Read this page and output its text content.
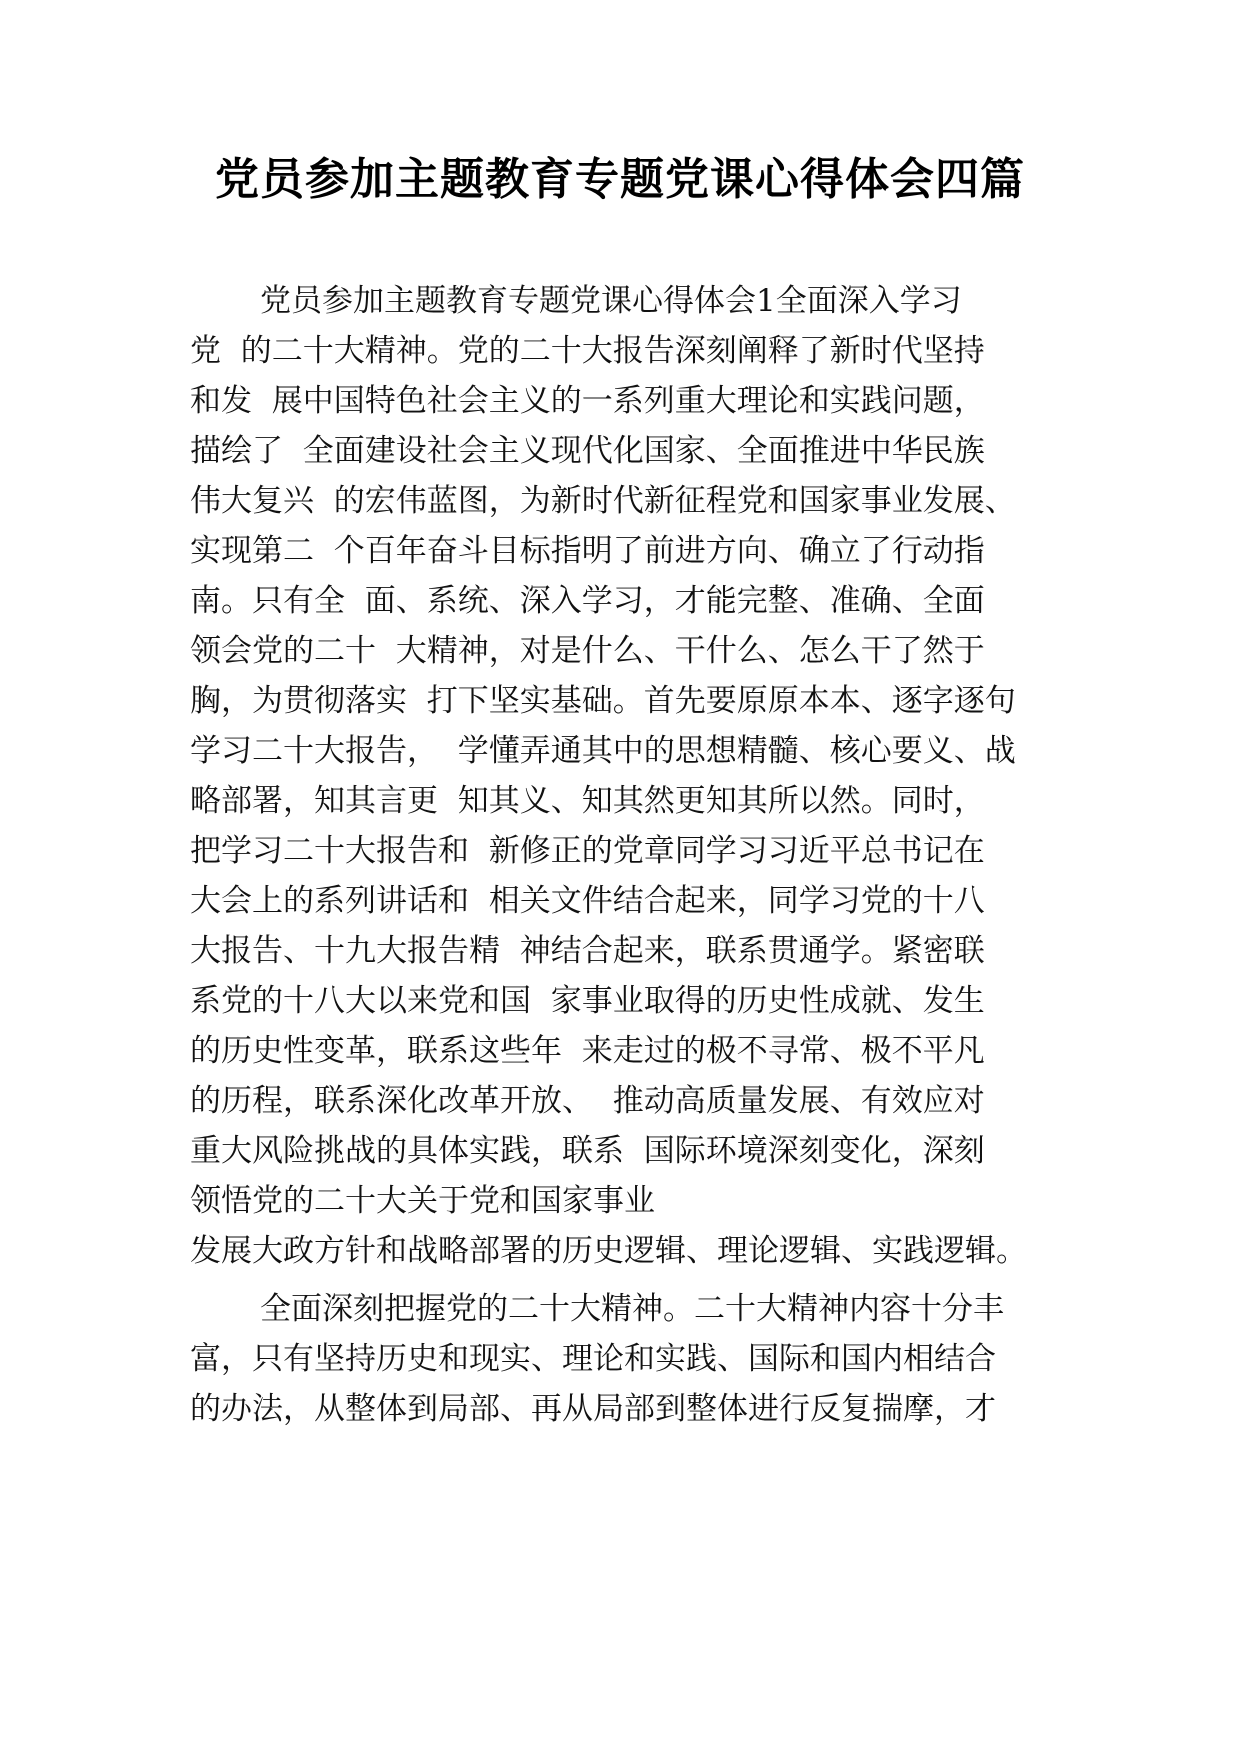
党员参加主题教育专题党课心得体会四篇
党员参加主题教育专题党课心得体会1全面深入学习
党  的二十大精神。党的二十大报告深刻阐释了新时代坚持
和发  展中国特色社会主义的一系列重大理论和实践问题，
描绘了  全面建设社会主义现代化国家、全面推进中华民族
伟大复兴  的宏伟蓝图，为新时代新征程党和国家事业发展、
实现第二  个百年奋斗目标指明了前进方向、确立了行动指
南。只有全  面、系统、深入学习，才能完整、准确、全面
领会党的二十  大精神，对是什么、干什么、怎么干了然于
胸，为贯彻落实  打下坚实基础。首先要原原本本、逐字逐句
学习二十大报告，  学懂弄通其中的思想精髓、核心要义、战
略部署，知其言更  知其义、知其然更知其所以然。同时，
把学习二十大报告和  新修正的党章同学习习近平总书记在
大会上的系列讲话和  相关文件结合起来，同学习党的十八
大报告、十九大报告精  神结合起来，联系贯通学。紧密联
系党的十八大以来党和国  家事业取得的历史性成就、发生
的历史性变革，联系这些年  来走过的极不寻常、极不平凡
的历程，联系深化改革开放、  推动高质量发展、有效应对
重大风险挑战的具体实践，联系  国际环境深刻变化，深刻
领悟党的二十大关于党和国家事业
发展大政方针和战略部署的历史逻辑、理论逻辑、实践逻辑。
全面深刻把握党的二十大精神。二十大精神内容十分丰
富，只有坚持历史和现实、理论和实践、国际和国内相结合
的办法，从整体到局部、再从局部到整体进行反复揣摩，才
